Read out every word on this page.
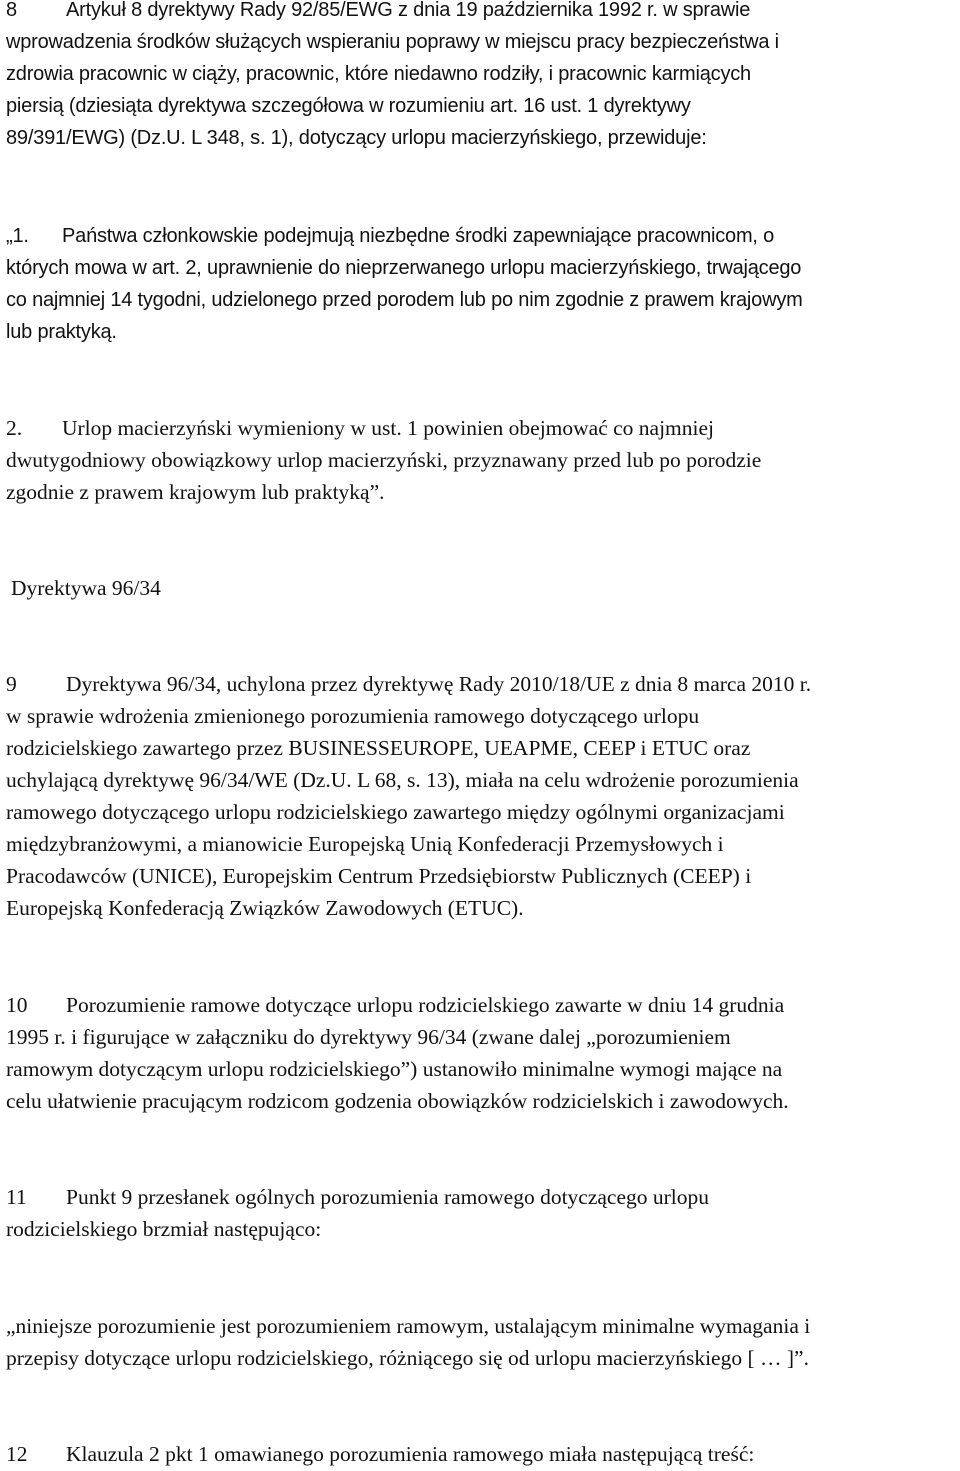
8 Artykuł 8 dyrektywy Rady 92/85/EWG z dnia 19 października 1992 r. w sprawie
wprowadzenia środków służących wspieraniu poprawy w miejscu pracy bezpieczeństwa i
zdrowia pracownic w ciąży, pracownic, które niedawno rodziły, i pracownic karmiących
piersią (dziesiąta dyrektywa szczegółowa w rozumieniu art. 16 ust. 1 dyrektywy
89/391/EWG) (Dz.U. L 348, s. 1), dotyczący urlopu macierzyńskiego, przewiduje:
„1. Państwa członkowskie podejmują niezbędne środki zapewniające pracownicom, o
których mowa w art. 2, uprawnienie do nieprzerwanego urlopu macierzyńskiego, trwającego
co najmniej 14 tygodni, udzielonego przed porodem lub po nim zgodnie z prawem krajowym
lub praktyką.
2. Urlop macierzyński wymieniony w ust. 1 powinien obejmować co najmniej
dwutygodniowy obowiązkowy urlop macierzyński, przyznawany przed lub po porodzie
zgodnie z prawem krajowym lub praktyką”.
Dyrektywa 96/34
9 Dyrektywa 96/34, uchylona przez dyrektywę Rady 2010/18/UE z dnia 8 marca 2010 r.
w sprawie wdrożenia zmienionego porozumienia ramowego dotyczącego urlopu
rodzicielskiego zawartego przez BUSINESSEUROPE, UEAPME, CEEP i ETUC oraz
uchylającą dyrektywę 96/34/WE (Dz.U. L 68, s. 13), miała na celu wdrożenie porozumienia
ramowego dotyczącego urlopu rodzicielskiego zawartego między ogólnymi organizacjami
międzybranżowymi, a mianowicie Europejską Unią Konfederacji Przemysłowych i
Pracodawców (UNICE), Europejskim Centrum Przedsiębiorstw Publicznych (CEEP) i
Europejską Konfederacją Związków Zawodowych (ETUC).
10 Porozumienie ramowe dotyczące urlopu rodzicielskiego zawarte w dniu 14 grudnia
1995 r. i figurujące w załączniku do dyrektywy 96/34 (zwane dalej „porozumieniem
ramowym dotyczącym urlopu rodzicielskiego”) ustanowiło minimalne wymogi mające na
celu ułatwienie pracującym rodzicom godzenia obowiązków rodzicielskich i zawodowych.
11 Punkt 9 przesłanek ogólnych porozumienia ramowego dotyczącego urlopu
rodzicielskiego brzmiał następująco:
„niniejsze porozumienie jest porozumieniem ramowym, ustalającym minimalne wymagania i
przepisy dotyczące urlopu rodzicielskiego, różniącego się od urlopu macierzyńskiego [ … ]”.
12 Klauzula 2 pkt 1 omawianego porozumienia ramowego miała następującą treść:
